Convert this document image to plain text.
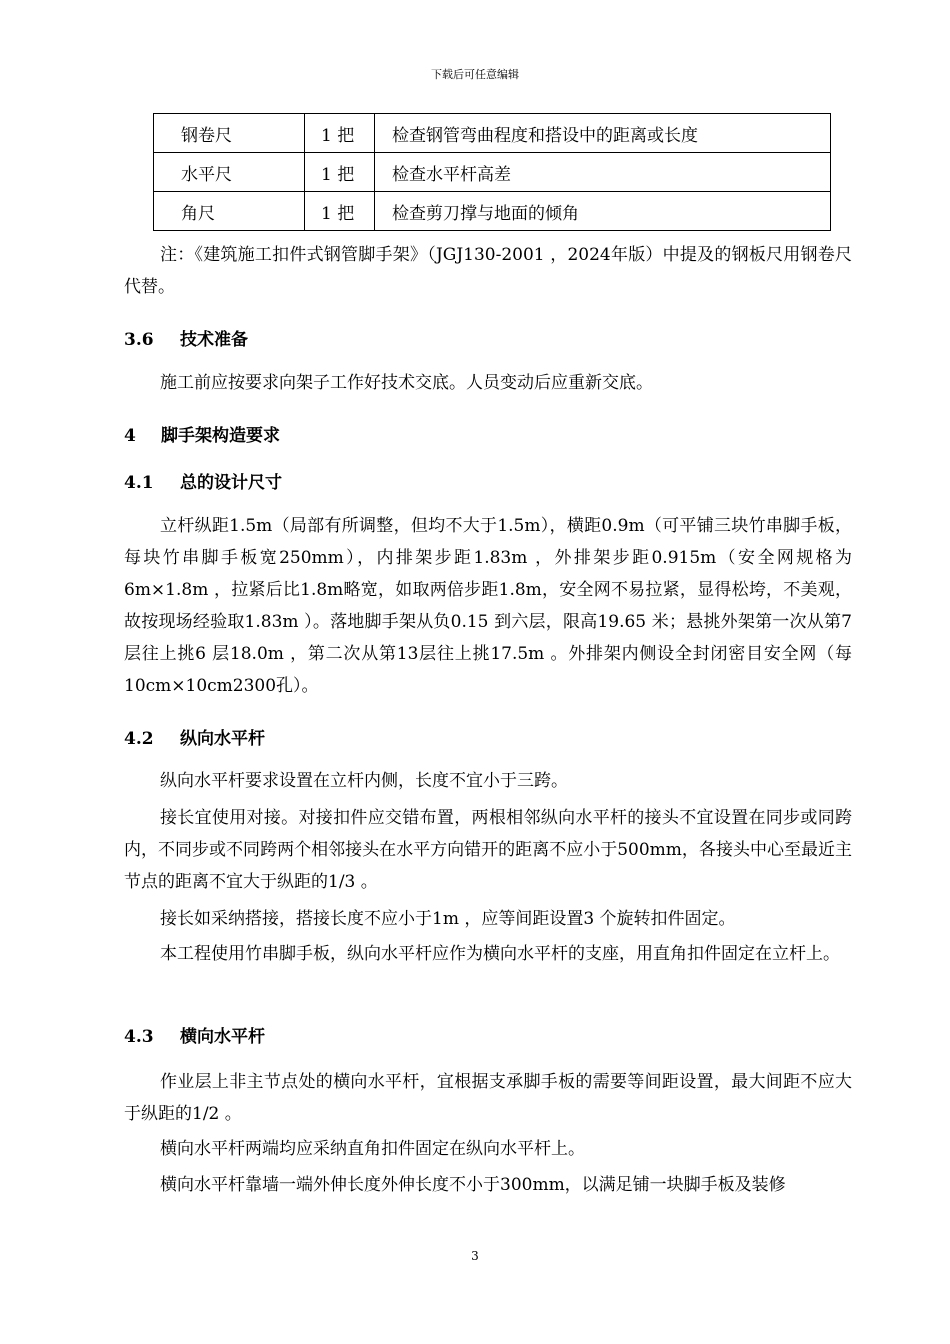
下载后可任意编辑
钢卷尺	1 把	检查钢管弯曲程度和搭设中的距离或长度
水平尺	1 把	检查水平杆高差
角尺	1 把	检查剪刀撑与地面的倾角

注：《建筑施工扣件式钢管脚手架》（JGJ130-2001 ，2024年版）中提及的钢板尺用钢卷尺代替。

3.6 技术准备

施工前应按要求向架子工作好技术交底。人员变动后应重新交底。

4 脚手架构造要求

4.1 总的设计尺寸

立杆纵距1.5m（局部有所调整，但均不大于1.5m），横距0.9m（可平铺三块竹串脚手板，每块竹串脚手板宽250mm），内排架步距1.83m ，外排架步距0.915m（安全网规格为6m×1.8m ，拉紧后比1.8m略宽，如取两倍步距1.8m，安全网不易拉紧，显得松垮，不美观，故按现场经验取1.83m ）。落地脚手架从负0.15 到六层，限高19.65 米；悬挑外架第一次从第7 层往上挑6 层18.0m ，第二次从第13层往上挑17.5m 。外排架内侧设全封闭密目安全网（每10cm×10cm2300孔）。

4.2 纵向水平杆

纵向水平杆要求设置在立杆内侧，长度不宜小于三跨。

接长宜使用对接。对接扣件应交错布置，两根相邻纵向水平杆的接头不宜设置在同步或同跨内，不同步或不同跨两个相邻接头在水平方向错开的距离不应小于500mm，各接头中心至最近主节点的距离不宜大于纵距的1/3 。

接长如采纳搭接，搭接长度不应小于1m ，应等间距设置3 个旋转扣件固定。

本工程使用竹串脚手板，纵向水平杆应作为横向水平杆的支座，用直角扣件固定在立杆上。

4.3 横向水平杆

作业层上非主节点处的横向水平杆，宜根据支承脚手板的需要等间距设置，最大间距不应大于纵距的1/2 。

横向水平杆两端均应采纳直角扣件固定在纵向水平杆上。

横向水平杆靠墙一端外伸长度外伸长度不小于300mm，以满足铺一块脚手板及装修

3
